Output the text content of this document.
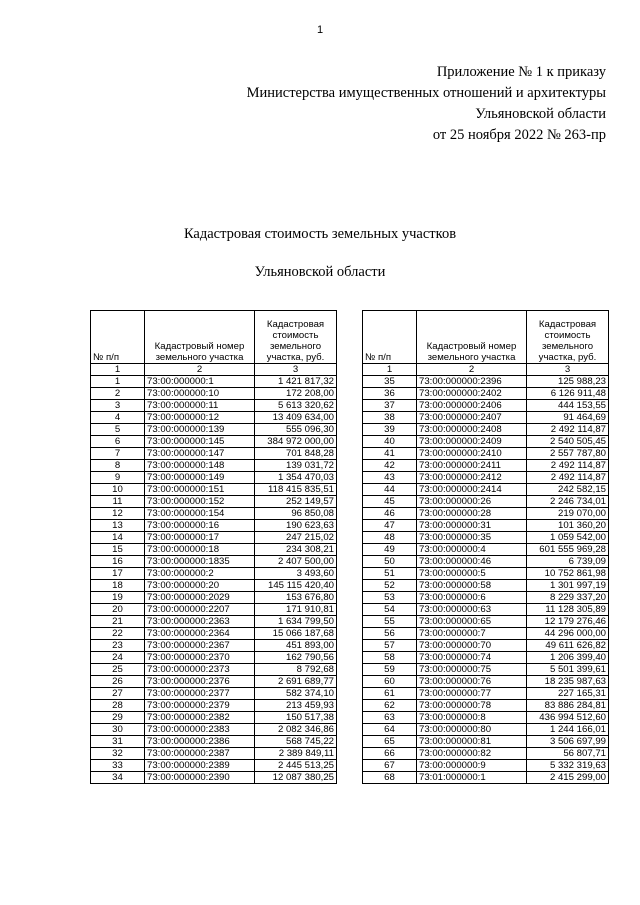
1
Приложение № 1 к приказу
Министерства имущественных отношений и архитектуры
Ульяновской области
от 25 ноября 2022 № 263-пр
Кадастровая стоимость земельных участков
Ульяновской области
№ п/п	Кадастровый номер земельного участка	Кадастровая стоимость земельного участка, руб.
1	2	3
1	73:00:000000:1	1 421 817,32
2	73:00:000000:10	172 208,00
3	73:00:000000:11	5 613 320,62
4	73:00:000000:12	13 409 634,00
5	73:00:000000:139	555 096,30
6	73:00:000000:145	384 972 000,00
7	73:00:000000:147	701 848,28
8	73:00:000000:148	139 031,72
9	73:00:000000:149	1 354 470,03
10	73:00:000000:151	118 415 835,51
11	73:00:000000:152	252 149,57
12	73:00:000000:154	96 850,08
13	73:00:000000:16	190 623,63
14	73:00:000000:17	247 215,02
15	73:00:000000:18	234 308,21
16	73:00:000000:1835	2 407 500,00
17	73:00:000000:2	3 493,60
18	73:00:000000:20	145 115 420,40
19	73:00:000000:2029	153 676,80
20	73:00:000000:2207	171 910,81
21	73:00:000000:2363	1 634 799,50
22	73:00:000000:2364	15 066 187,68
23	73:00:000000:2367	451 893,00
24	73:00:000000:2370	162 790,56
25	73:00:000000:2373	8 792,68
26	73:00:000000:2376	2 691 689,77
27	73:00:000000:2377	582 374,10
28	73:00:000000:2379	213 459,93
29	73:00:000000:2382	150 517,38
30	73:00:000000:2383	2 082 346,86
31	73:00:000000:2386	568 745,22
32	73:00:000000:2387	2 389 849,11
33	73:00:000000:2389	2 445 513,25
34	73:00:000000:2390	12 087 380,25
№ п/п	Кадастровый номер земельного участка	Кадастровая стоимость земельного участка, руб.
1	2	3
35	73:00:000000:2396	125 988,23
36	73:00:000000:2402	6 126 911,48
37	73:00:000000:2406	444 153,55
38	73:00:000000:2407	91 464,69
39	73:00:000000:2408	2 492 114,87
40	73:00:000000:2409	2 540 505,45
41	73:00:000000:2410	2 557 787,80
42	73:00:000000:2411	2 492 114,87
43	73:00:000000:2412	2 492 114,87
44	73:00:000000:2414	242 582,15
45	73:00:000000:26	2 246 734,01
46	73:00:000000:28	219 070,00
47	73:00:000000:31	101 360,20
48	73:00:000000:35	1 059 542,00
49	73:00:000000:4	601 555 969,28
50	73:00:000000:46	6 739,09
51	73:00:000000:5	10 752 861,98
52	73:00:000000:58	1 301 997,19
53	73:00:000000:6	8 229 337,20
54	73:00:000000:63	11 128 305,89
55	73:00:000000:65	12 179 276,46
56	73:00:000000:7	44 296 000,00
57	73:00:000000:70	49 611 626,82
58	73:00:000000:74	1 206 399,40
59	73:00:000000:75	5 501 399,61
60	73:00:000000:76	18 235 987,63
61	73:00:000000:77	227 165,31
62	73:00:000000:78	83 886 284,81
63	73:00:000000:8	436 994 512,60
64	73:00:000000:80	1 244 166,01
65	73:00:000000:81	3 506 697,99
66	73:00:000000:82	56 807,71
67	73:00:000000:9	5 332 319,63
68	73:01:000000:1	2 415 299,00
